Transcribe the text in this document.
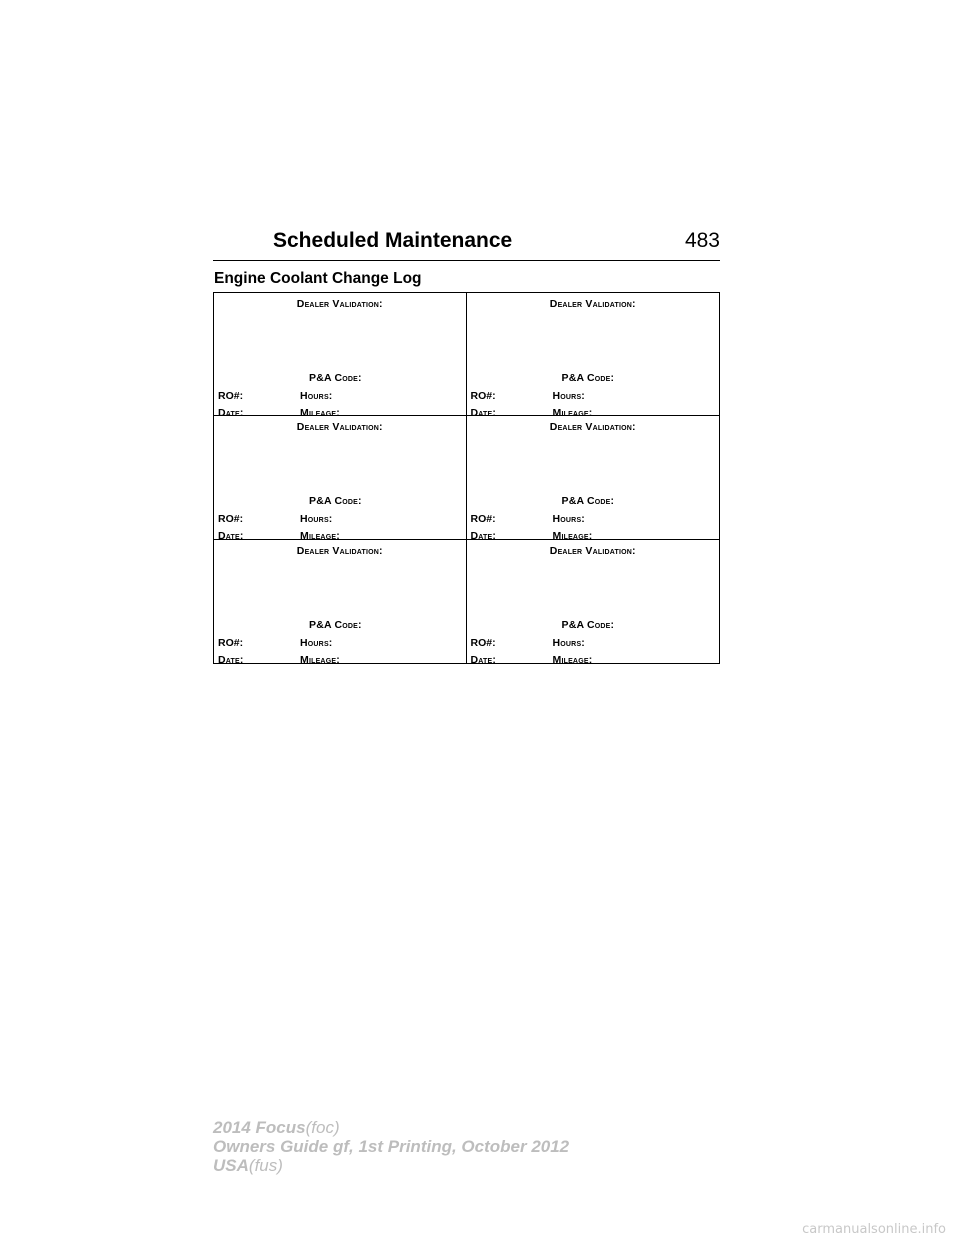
Scheduled Maintenance	483
Engine Coolant Change Log
Dealer Validation:
P&A Code:
RO#:	Hours:
Date:	Mileage:
Dealer Validation:
P&A Code:
RO#:	Hours:
Date:	Mileage:
Dealer Validation:
P&A Code:
RO#:	Hours:
Date:	Mileage:
Dealer Validation:
P&A Code:
RO#:	Hours:
Date:	Mileage:
Dealer Validation:
P&A Code:
RO#:	Hours:
Date:	Mileage:
Dealer Validation:
P&A Code:
RO#:	Hours:
Date:	Mileage:
2014 Focus(foc)
Owners Guide gf, 1st Printing, October 2012
USA(fus)
carmanualsonline.info
